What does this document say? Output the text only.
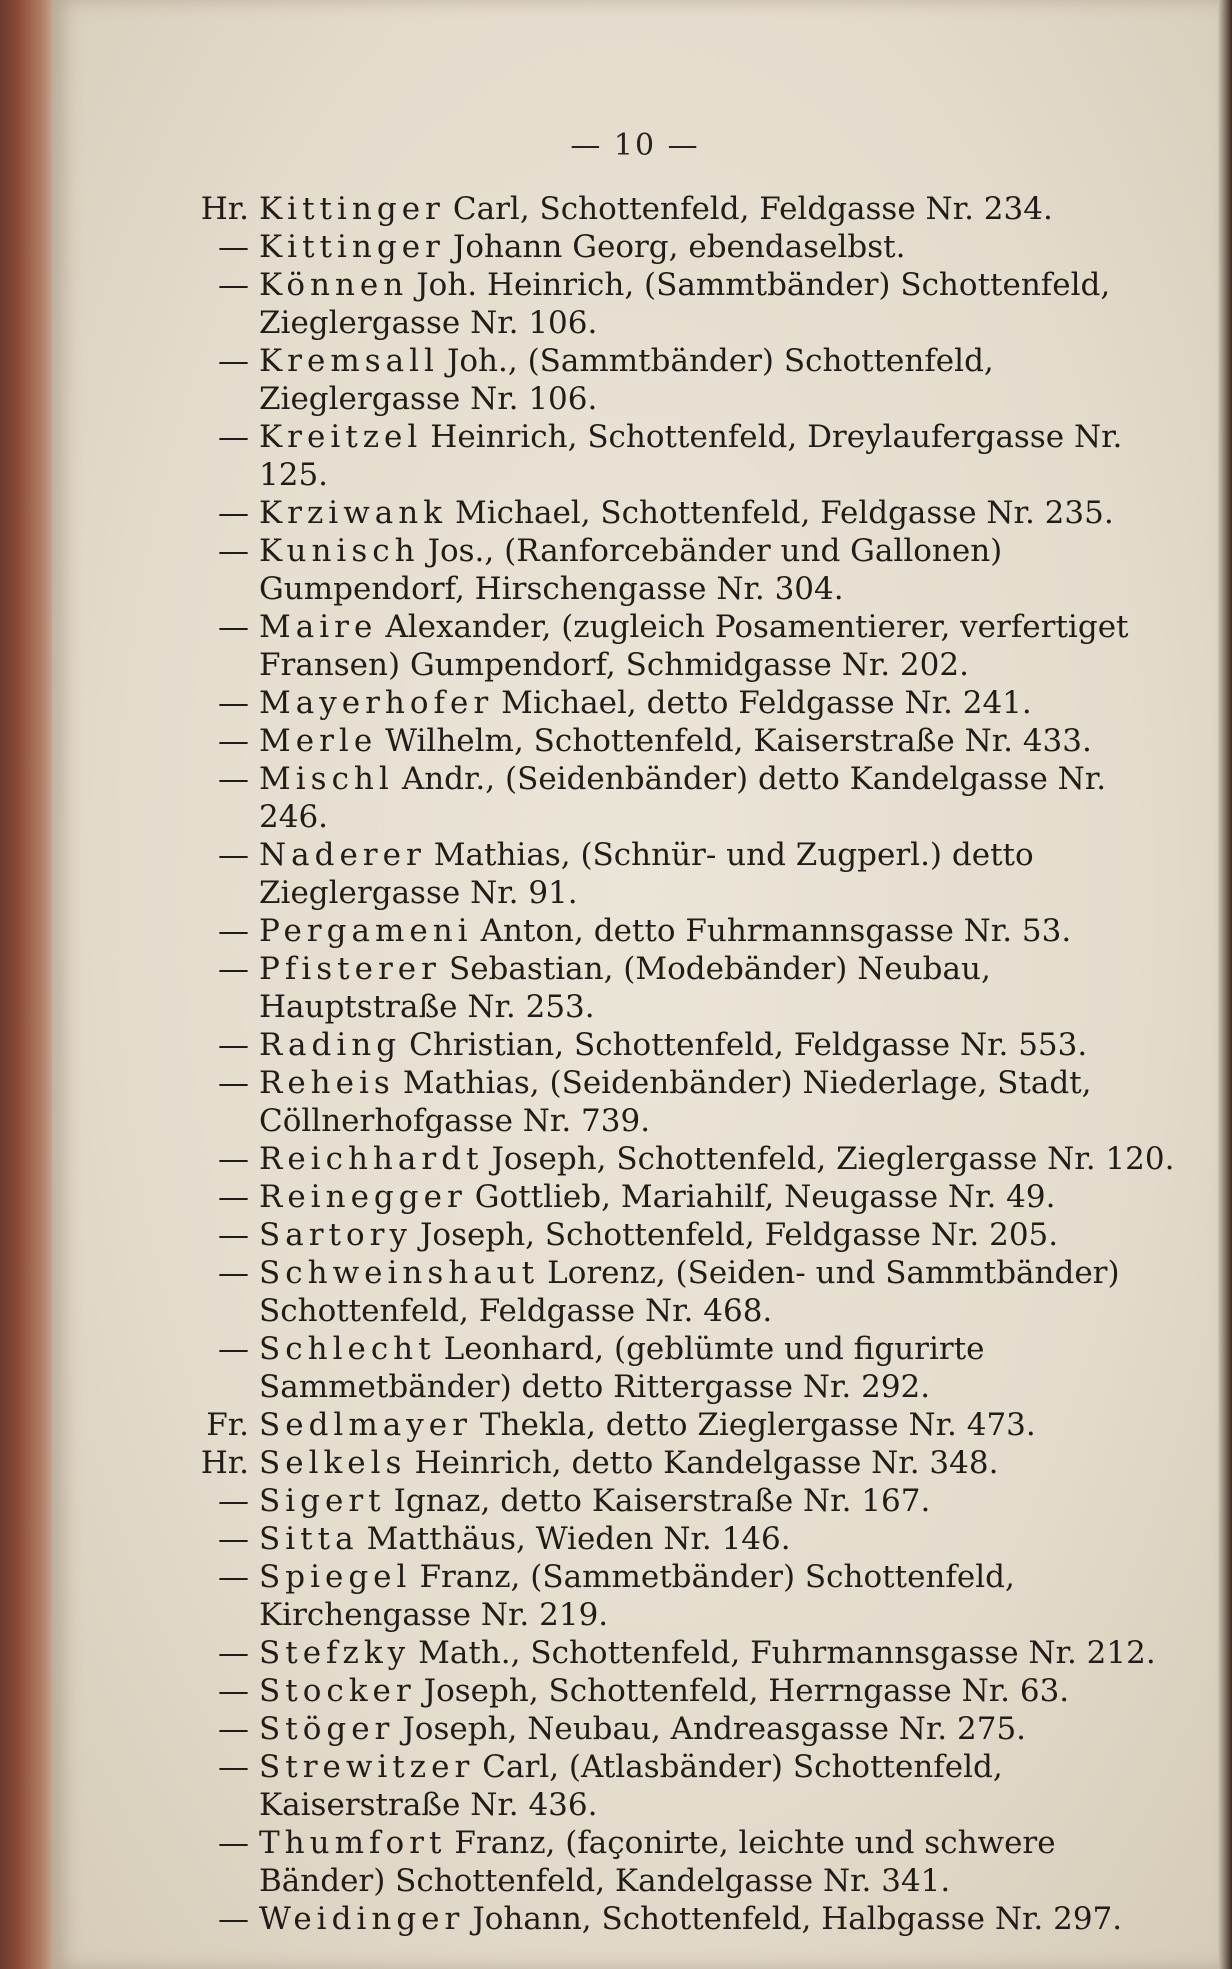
— 10 —
Hr. Kittinger Carl, Schottenfeld, Feldgasse Nr. 234.
— Kittinger Johann Georg, ebendaselbst.
— Können Joh. Heinrich, (Sammtbänder) Schottenfeld, Zieglergasse Nr. 106.
— Kremsall Joh., (Sammtbänder) Schottenfeld, Zieglergasse Nr. 106.
— Kreitzel Heinrich, Schottenfeld, Dreylaufergasse Nr. 125.
— Krziwank Michael, Schottenfeld, Feldgasse Nr. 235.
— Kunisch Jos., (Ranforcebänder und Gallonen) Gumpendorf, Hirschengasse Nr. 304.
— Maire Alexander, (zugleich Posamentierer, verfertiget Fransen) Gumpendorf, Schmidgasse Nr. 202.
— Mayerhofer Michael, detto Feldgasse Nr. 241.
— Merle Wilhelm, Schottenfeld, Kaiserstraße Nr. 433.
— Mischl Andr., (Seidenbänder) detto Kandelgasse Nr. 246.
— Naderer Mathias, (Schnür- und Zugperl.) detto Zieglergasse Nr. 91.
— Pergameni Anton, detto Fuhrmannsgasse Nr. 53.
— Pfisterer Sebastian, (Modebänder) Neubau, Hauptstraße Nr. 253.
— Rading Christian, Schottenfeld, Feldgasse Nr. 553.
— Reheis Mathias, (Seidenbänder) Niederlage, Stadt, Cöllnerhofgasse Nr. 739.
— Reichhardt Joseph, Schottenfeld, Zieglergasse Nr. 120.
— Reinegger Gottlieb, Mariahilf, Neugasse Nr. 49.
— Sartory Joseph, Schottenfeld, Feldgasse Nr. 205.
— Schweinshaut Lorenz, (Seiden- und Sammtbänder) Schottenfeld, Feldgasse Nr. 468.
— Schlecht Leonhard, (geblümte und figurirte Sammetbänder) detto Rittergasse Nr. 292.
Fr. Sedlmayer Thekla, detto Zieglergasse Nr. 473.
Hr. Selkels Heinrich, detto Kandelgasse Nr. 348.
— Sigert Ignaz, detto Kaiserstraße Nr. 167.
— Sitta Matthäus, Wieden Nr. 146.
— Spiegel Franz, (Sammetbänder) Schottenfeld, Kirchengasse Nr. 219.
— Stefzky Math., Schottenfeld, Fuhrmannsgasse Nr. 212.
— Stocker Joseph, Schottenfeld, Herrngasse Nr. 63.
— Stöger Joseph, Neubau, Andreasgasse Nr. 275.
— Strewitzer Carl, (Atlasbänder) Schottenfeld, Kaiserstraße Nr. 436.
— Thumfort Franz, (façonirte, leichte und schwere Bänder) Schottenfeld, Kandelgasse Nr. 341.
— Weidinger Johann, Schottenfeld, Halbgasse Nr. 297.
